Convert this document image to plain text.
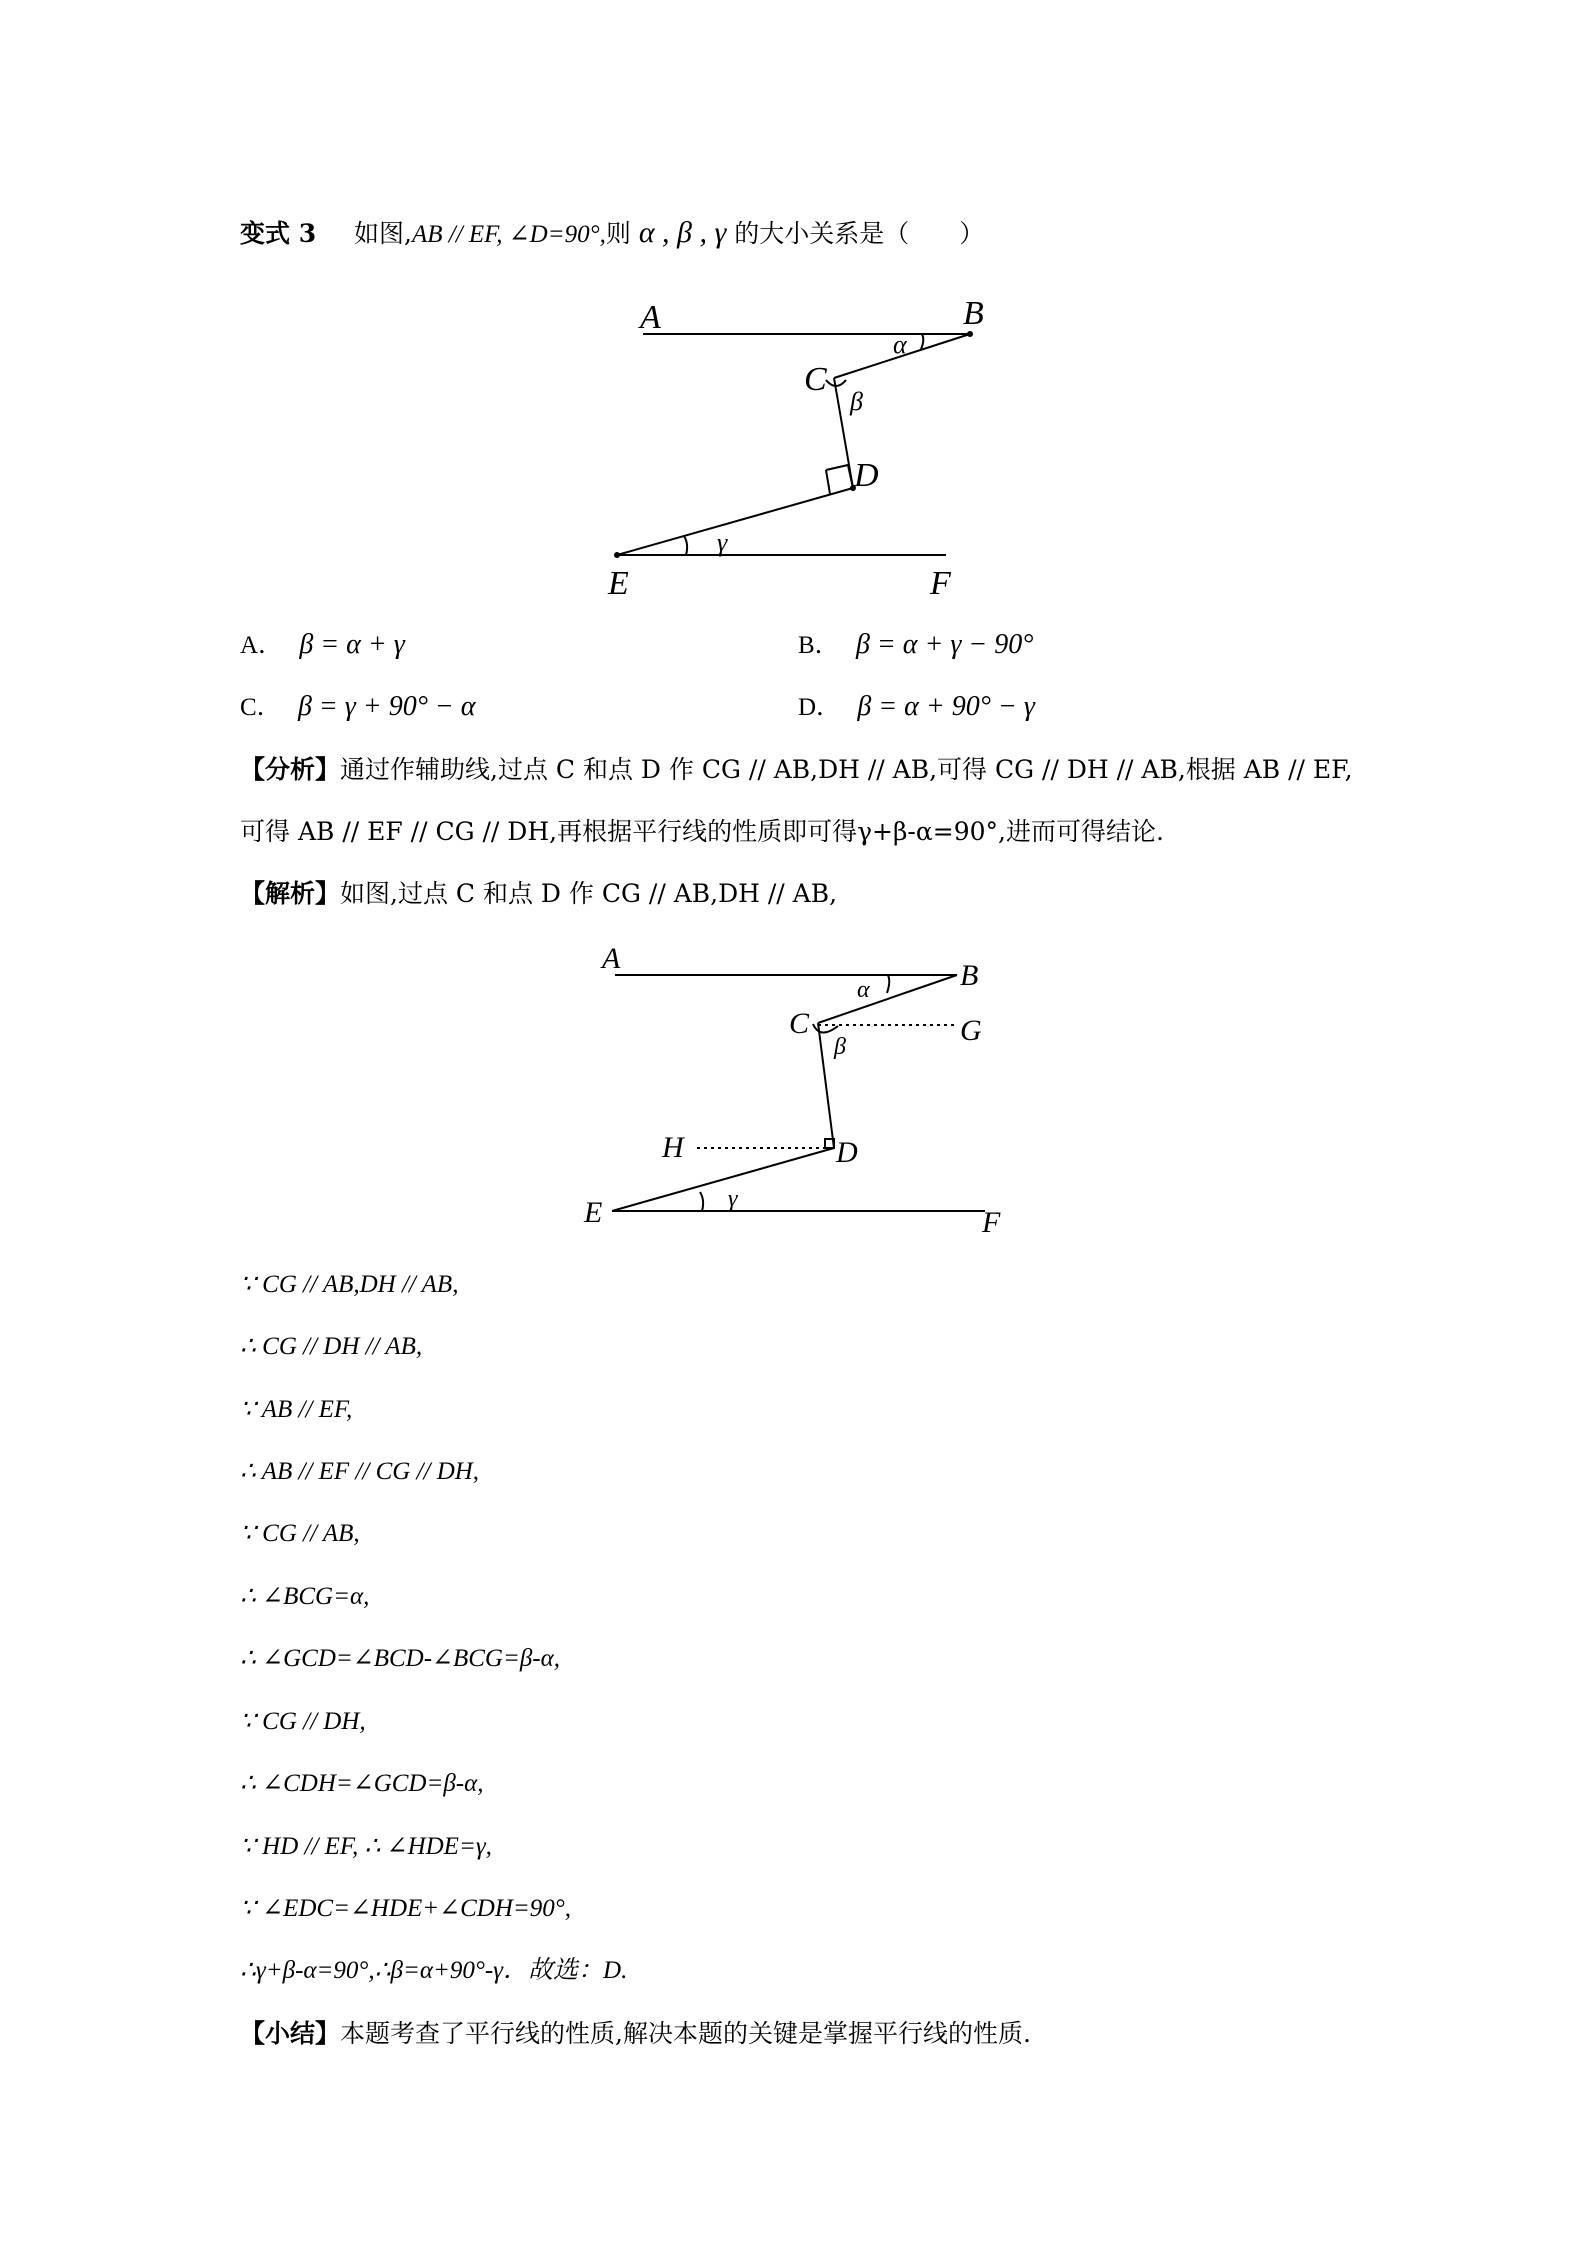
变式 3 如图,AB // EF, ∠D=90°,则 α , β , γ 的大小关系是（　　）
A	B
C
D
E	F
α
β
γ
A． β = α + γ	B． β = α + γ − 90°
C． β = γ + 90° − α	D． β = α + 90° − γ
【分析】通过作辅助线,过点 C 和点 D 作 CG // AB,DH // AB,可得 CG // DH // AB,根据 AB // EF,
可得 AB // EF // CG // DH,再根据平行线的性质即可得γ+β-α=90°,进而可得结论.
【解析】如图,过点 C 和点 D 作 CG // AB,DH // AB,
A
B
C	G
H	D
E	F
α
β
γ
∵ CG // AB,DH // AB,
∴ CG // DH // AB,
∵ AB // EF,
∴ AB // EF // CG // DH,
∵ CG // AB,
∴ ∠BCG=α,
∴ ∠GCD=∠BCD-∠BCG=β-α,
∵ CG // DH,
∴ ∠CDH=∠GCD=β-α,
∵ HD // EF, ∴ ∠HDE=γ,
∵ ∠EDC=∠HDE+∠CDH=90°,
∴γ+β-α=90°,∴β=α+90°-γ．故选：D.
【小结】本题考查了平行线的性质,解决本题的关键是掌握平行线的性质.
